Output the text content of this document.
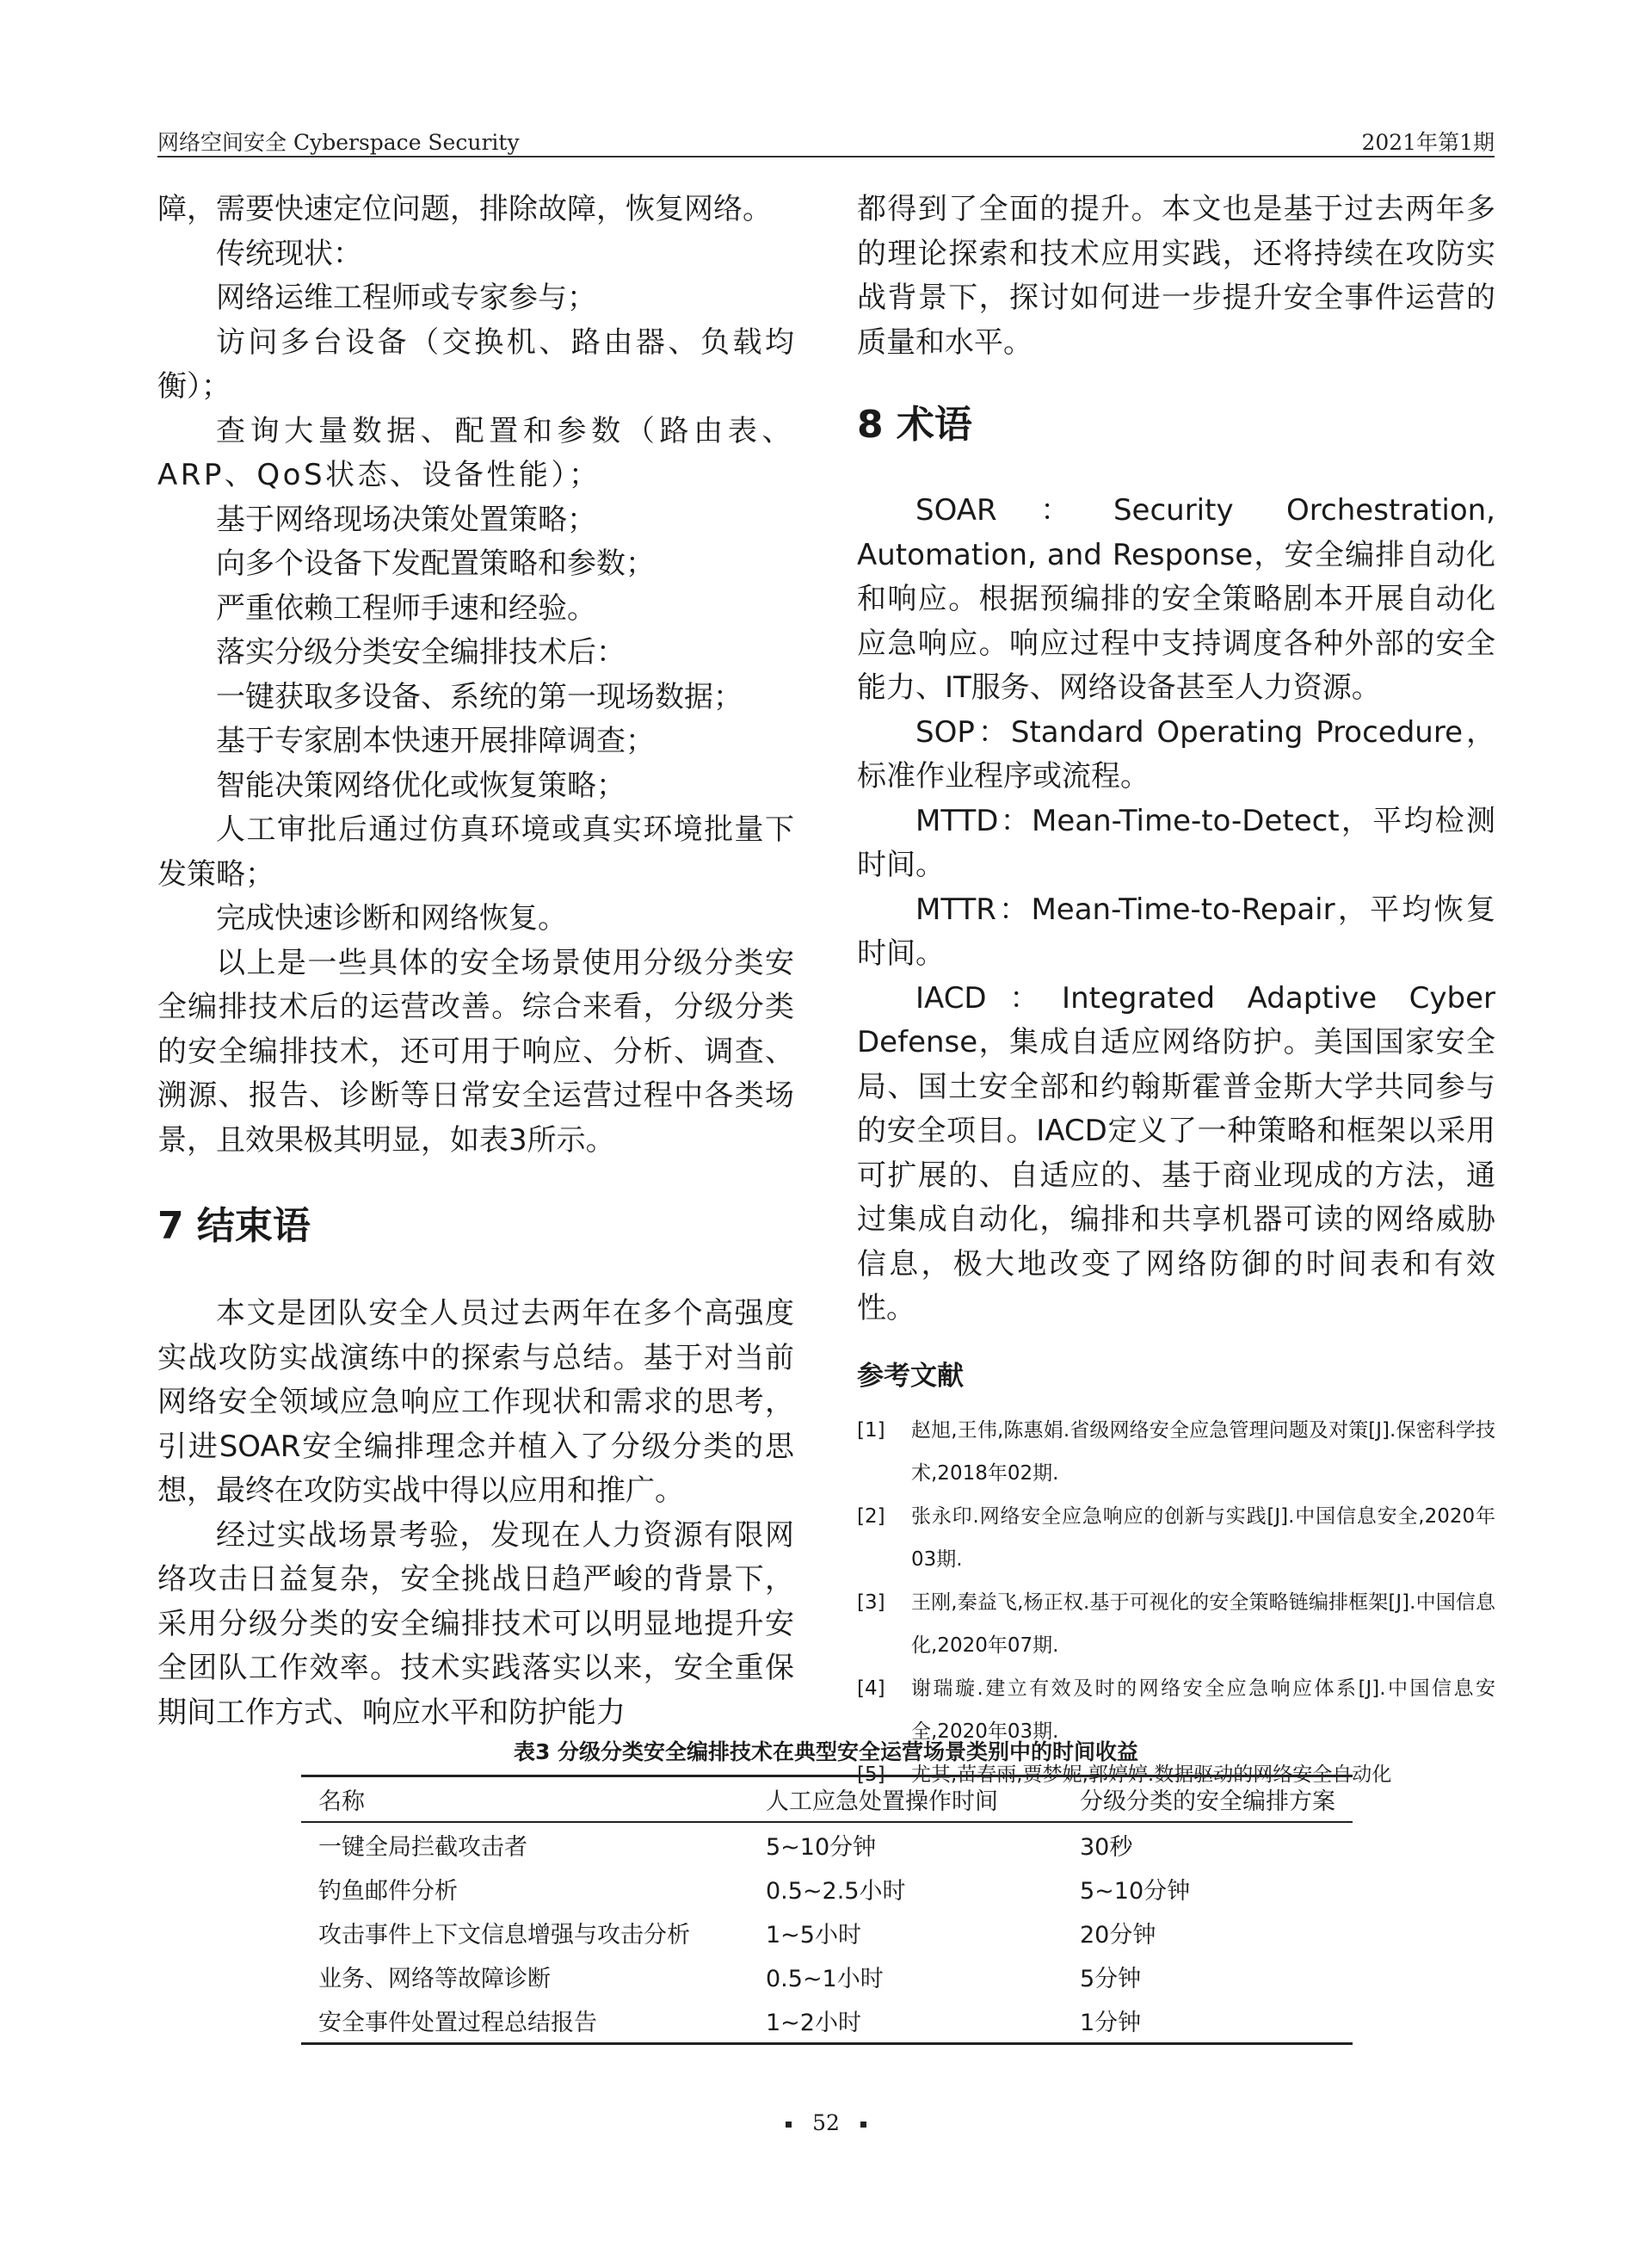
网络空间安全 Cyberspace Security	2021年第1期

障，需要快速定位问题，排除故障，恢复网络。

传统现状：

网络运维工程师或专家参与；

访问多台设备（交换机、路由器、负载均衡）；

查询大量数据、配置和参数（路由表、ARP、QoS状态、设备性能）；

基于网络现场决策处置策略；

向多个设备下发配置策略和参数；

严重依赖工程师手速和经验。

落实分级分类安全编排技术后：

一键获取多设备、系统的第一现场数据；

基于专家剧本快速开展排障调查；

智能决策网络优化或恢复策略；

人工审批后通过仿真环境或真实环境批量下发策略；

完成快速诊断和网络恢复。

以上是一些具体的安全场景使用分级分类安全编排技术后的运营改善。综合来看，分级分类的安全编排技术，还可用于响应、分析、调查、溯源、报告、诊断等日常安全运营过程中各类场景，且效果极其明显，如表3所示。

7 结束语

本文是团队安全人员过去两年在多个高强度实战攻防实战演练中的探索与总结。基于对当前网络安全领域应急响应工作现状和需求的思考，引进SOAR安全编排理念并植入了分级分类的思想，最终在攻防实战中得以应用和推广。

经过实战场景考验，发现在人力资源有限网络攻击日益复杂，安全挑战日趋严峻的背景下，采用分级分类的安全编排技术可以明显地提升安全团队工作效率。技术实践落实以来，安全重保期间工作方式、响应水平和防护能力

都得到了全面的提升。本文也是基于过去两年多的理论探索和技术应用实践，还将持续在攻防实战背景下，探讨如何进一步提升安全事件运营的质量和水平。

8 术语

SOAR：Security Orchestration, Automation, and Response，安全编排自动化和响应。根据预编排的安全策略剧本开展自动化应急响应。响应过程中支持调度各种外部的安全能力、IT服务、网络设备甚至人力资源。

SOP：Standard Operating Procedure，标准作业程序或流程。

MTTD：Mean-Time-to-Detect，平均检测时间。

MTTR：Mean-Time-to-Repair，平均恢复时间。

IACD：Integrated Adaptive Cyber Defense，集成自适应网络防护。美国国家安全局、国土安全部和约翰斯霍普金斯大学共同参与的安全项目。IACD定义了一种策略和框架以采用可扩展的、自适应的、基于商业现成的方法，通过集成自动化，编排和共享机器可读的网络威胁信息，极大地改变了网络防御的时间表和有效性。

参考文献
[1]	赵旭,王伟,陈惠娟.省级网络安全应急管理问题及对策[J].保密科学技术,2018年02期.
[2]	张永印.网络安全应急响应的创新与实践[J].中国信息安全,2020年03期.
[3]	王刚,秦益飞,杨正权.基于可视化的安全策略链编排框架[J].中国信息化,2020年07期.
[4]	谢瑞璇.建立有效及时的网络安全应急响应体系[J].中国信息安全,2020年03期.
[5]	尤其,苗春雨,贾梦妮,郭婷婷.数据驱动的网络安全自动化
表3 分级分类安全编排技术在典型安全运营场景类别中的时间收益
名称	人工应急处置操作时间	分级分类的安全编排方案
一键全局拦截攻击者	5~10分钟	30秒
钓鱼邮件分析	0.5~2.5小时	5~10分钟
攻击事件上下文信息增强与攻击分析	1~5小时	20分钟
业务、网络等故障诊断	0.5~1小时	5分钟
安全事件处置过程总结报告	1~2小时	1分钟
52
